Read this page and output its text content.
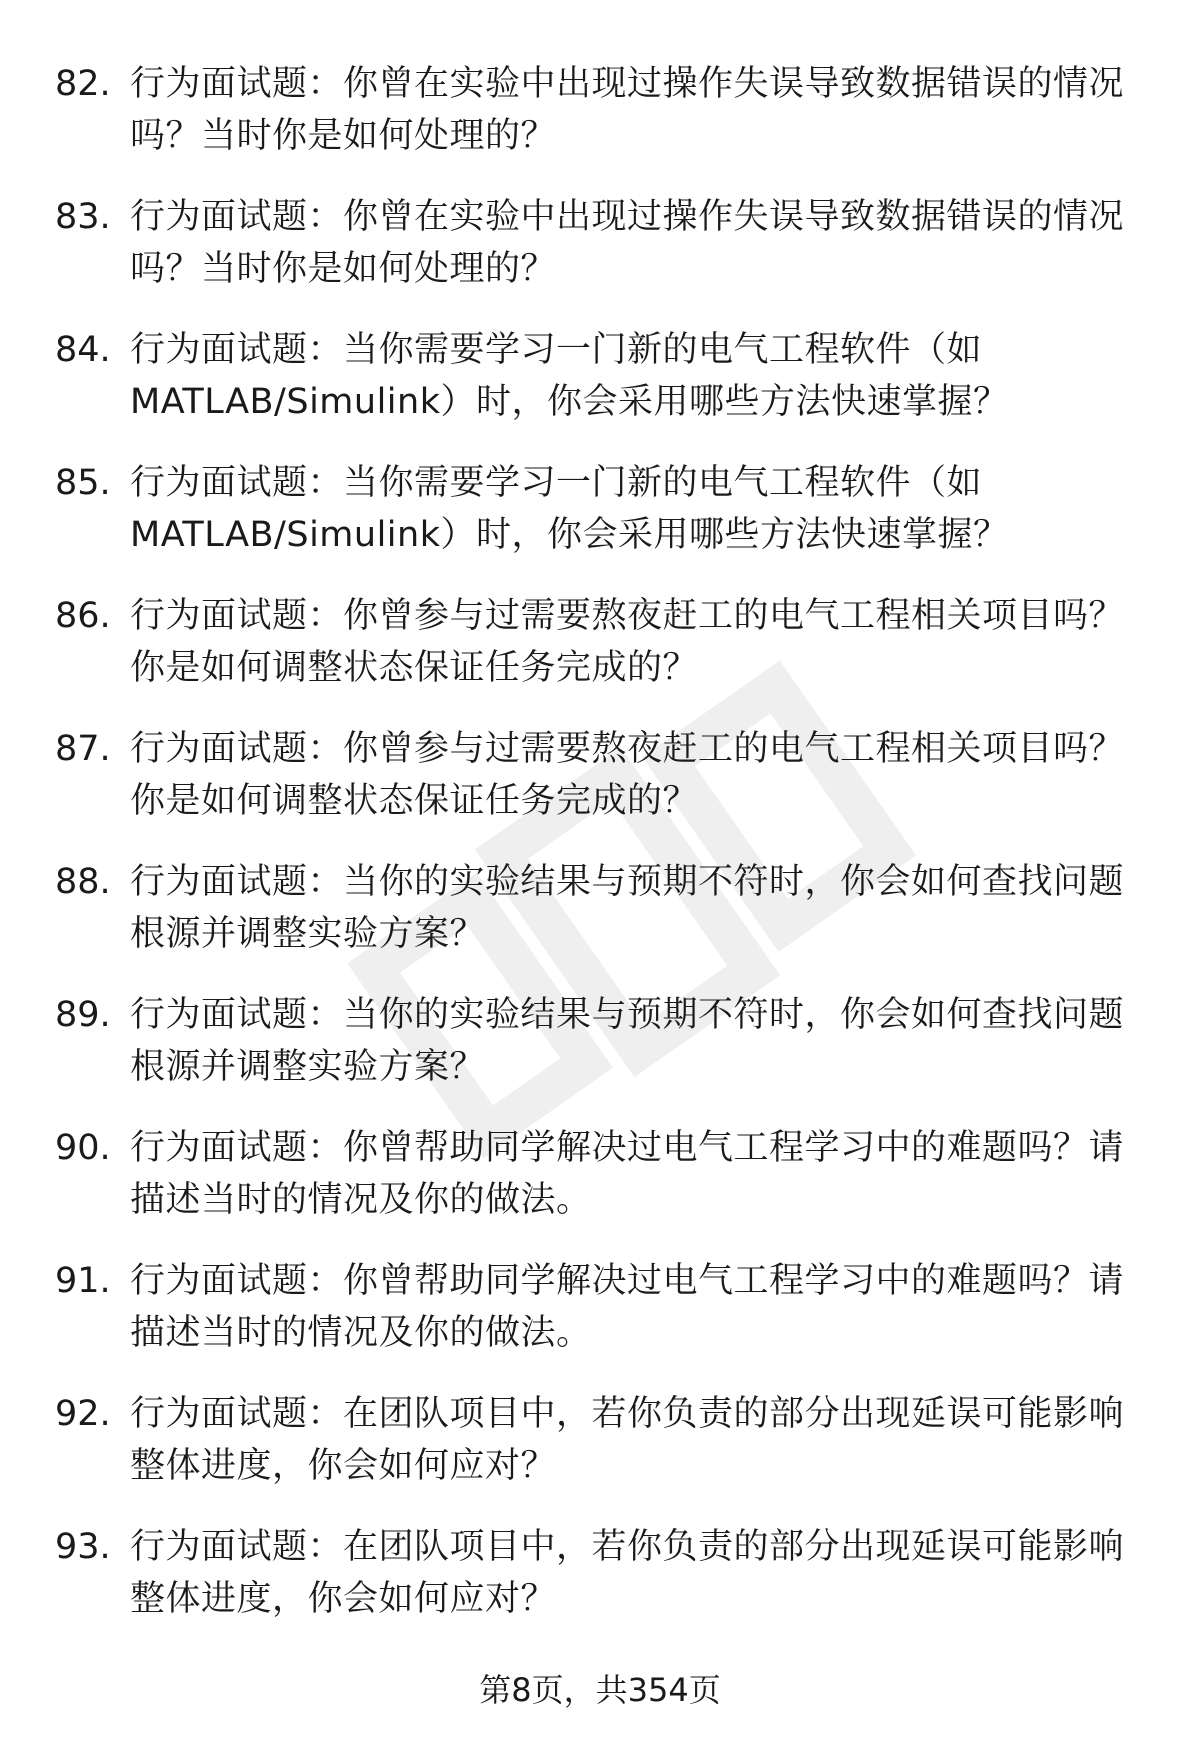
82. 行为面试题：你曾在实验中出现过操作失误导致数据错误的情况
吗？当时你是如何处理的？
83. 行为面试题：你曾在实验中出现过操作失误导致数据错误的情况
吗？当时你是如何处理的？
84. 行为面试题：当你需要学习一门新的电气工程软件（如
MATLAB/Simulink）时，你会采用哪些方法快速掌握？
85. 行为面试题：当你需要学习一门新的电气工程软件（如
MATLAB/Simulink）时，你会采用哪些方法快速掌握？
86. 行为面试题：你曾参与过需要熬夜赶工的电气工程相关项目吗？
你是如何调整状态保证任务完成的？
87. 行为面试题：你曾参与过需要熬夜赶工的电气工程相关项目吗？
你是如何调整状态保证任务完成的？
88. 行为面试题：当你的实验结果与预期不符时，你会如何查找问题
根源并调整实验方案？
89. 行为面试题：当你的实验结果与预期不符时，你会如何查找问题
根源并调整实验方案？
90. 行为面试题：你曾帮助同学解决过电气工程学习中的难题吗？请
描述当时的情况及你的做法。
91. 行为面试题：你曾帮助同学解决过电气工程学习中的难题吗？请
描述当时的情况及你的做法。
92. 行为面试题：在团队项目中，若你负责的部分出现延误可能影响
整体进度，你会如何应对？
93. 行为面试题：在团队项目中，若你负责的部分出现延误可能影响
整体进度，你会如何应对？
第8页，共354页
